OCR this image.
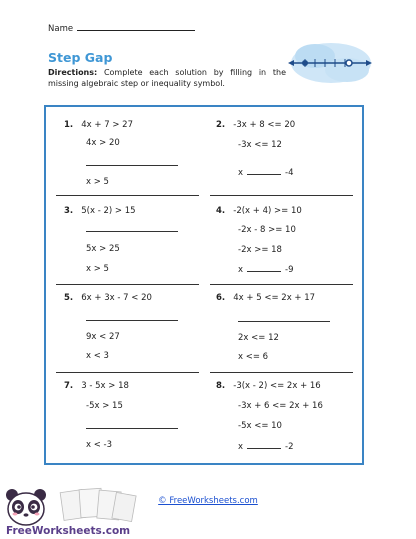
Name
Step Gap
Directions: Complete each solution by filling in the missing algebraic step or inequality symbol.
1. 4x + 7 > 27
4x > 20
x > 5
2. -3x + 8 <= 20
-3x <= 12
x	-4
3. 5(x - 2) > 15
5x > 25
x > 5
4. -2(x + 4) >= 10
-2x - 8 >= 10
-2x >= 18
x	-9
5. 6x + 3x - 7 < 20
9x < 27
x < 3
6. 4x + 5 <= 2x + 17
2x <= 12
x <= 6
7. 3 - 5x > 18
-5x > 15
x < -3
8. -3(x - 2) <= 2x + 16
-3x + 6 <= 2x + 16
-5x <= 10
x	-2
© FreeWorksheets.com
FreeWorksheets.com
